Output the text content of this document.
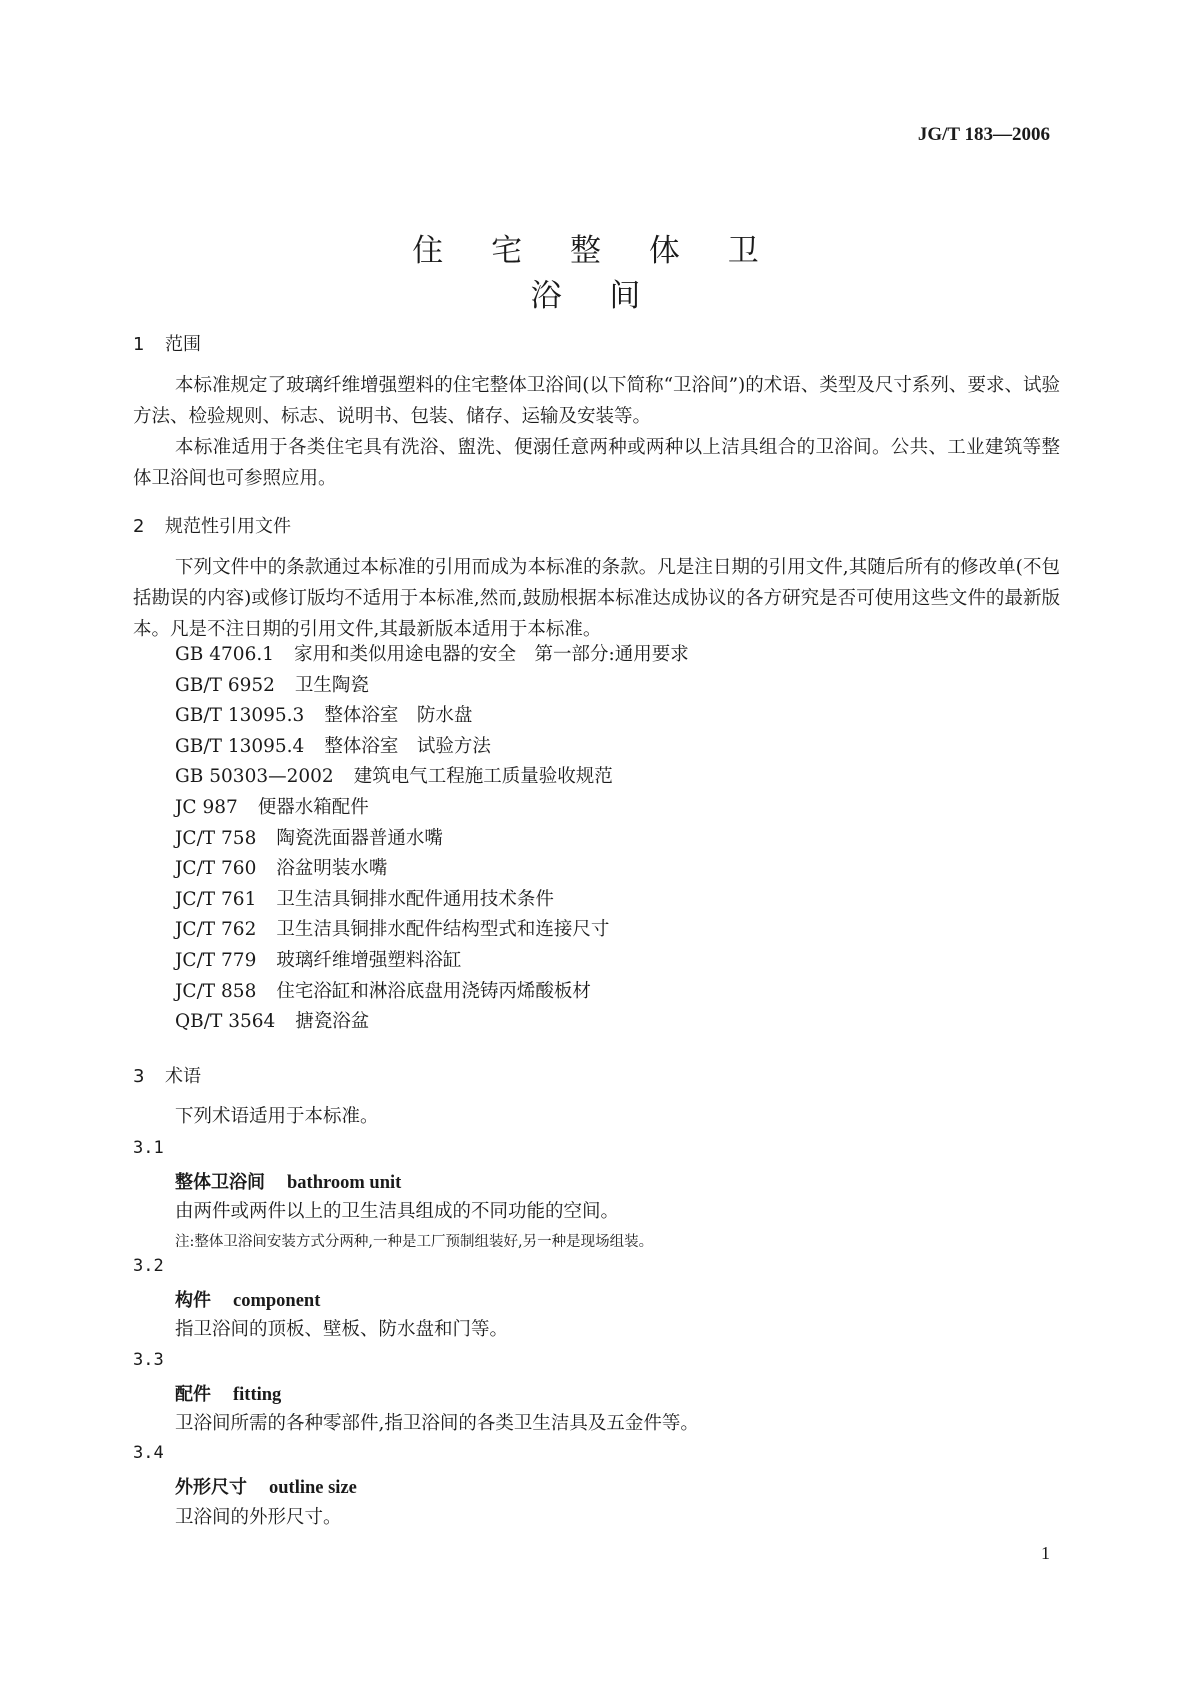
JG/T 183—2006
住 宅 整 体 卫 浴 间
1 范围
本标准规定了玻璃纤维增强塑料的住宅整体卫浴间(以下简称“卫浴间”)的术语、类型及尺寸系列、要求、试验方法、检验规则、标志、说明书、包装、储存、运输及安装等。
本标准适用于各类住宅具有洗浴、盥洗、便溺任意两种或两种以上洁具组合的卫浴间。公共、工业建筑等整体卫浴间也可参照应用。
2 规范性引用文件
下列文件中的条款通过本标准的引用而成为本标准的条款。凡是注日期的引用文件,其随后所有的修改单(不包括勘误的内容)或修订版均不适用于本标准,然而,鼓励根据本标准达成协议的各方研究是否可使用这些文件的最新版本。凡是不注日期的引用文件,其最新版本适用于本标准。
GB 4706.1 家用和类似用途电器的安全　第一部分:通用要求
GB/T 6952 卫生陶瓷
GB/T 13095.3 整体浴室　防水盘
GB/T 13095.4 整体浴室　试验方法
GB 50303—2002 建筑电气工程施工质量验收规范
JC 987 便器水箱配件
JC/T 758 陶瓷洗面器普通水嘴
JC/T 760 浴盆明装水嘴
JC/T 761 卫生洁具铜排水配件通用技术条件
JC/T 762 卫生洁具铜排水配件结构型式和连接尺寸
JC/T 779 玻璃纤维增强塑料浴缸
JC/T 858 住宅浴缸和淋浴底盘用浇铸丙烯酸板材
QB/T 3564 搪瓷浴盆
3 术语
下列术语适用于本标准。
3.1
整体卫浴间 bathroom unit
由两件或两件以上的卫生洁具组成的不同功能的空间。
注:整体卫浴间安装方式分两种,一种是工厂预制组装好,另一种是现场组装。
3.2
构件 component
指卫浴间的顶板、壁板、防水盘和门等。
3.3
配件 fitting
卫浴间所需的各种零部件,指卫浴间的各类卫生洁具及五金件等。
3.4
外形尺寸 outline size
卫浴间的外形尺寸。
1
